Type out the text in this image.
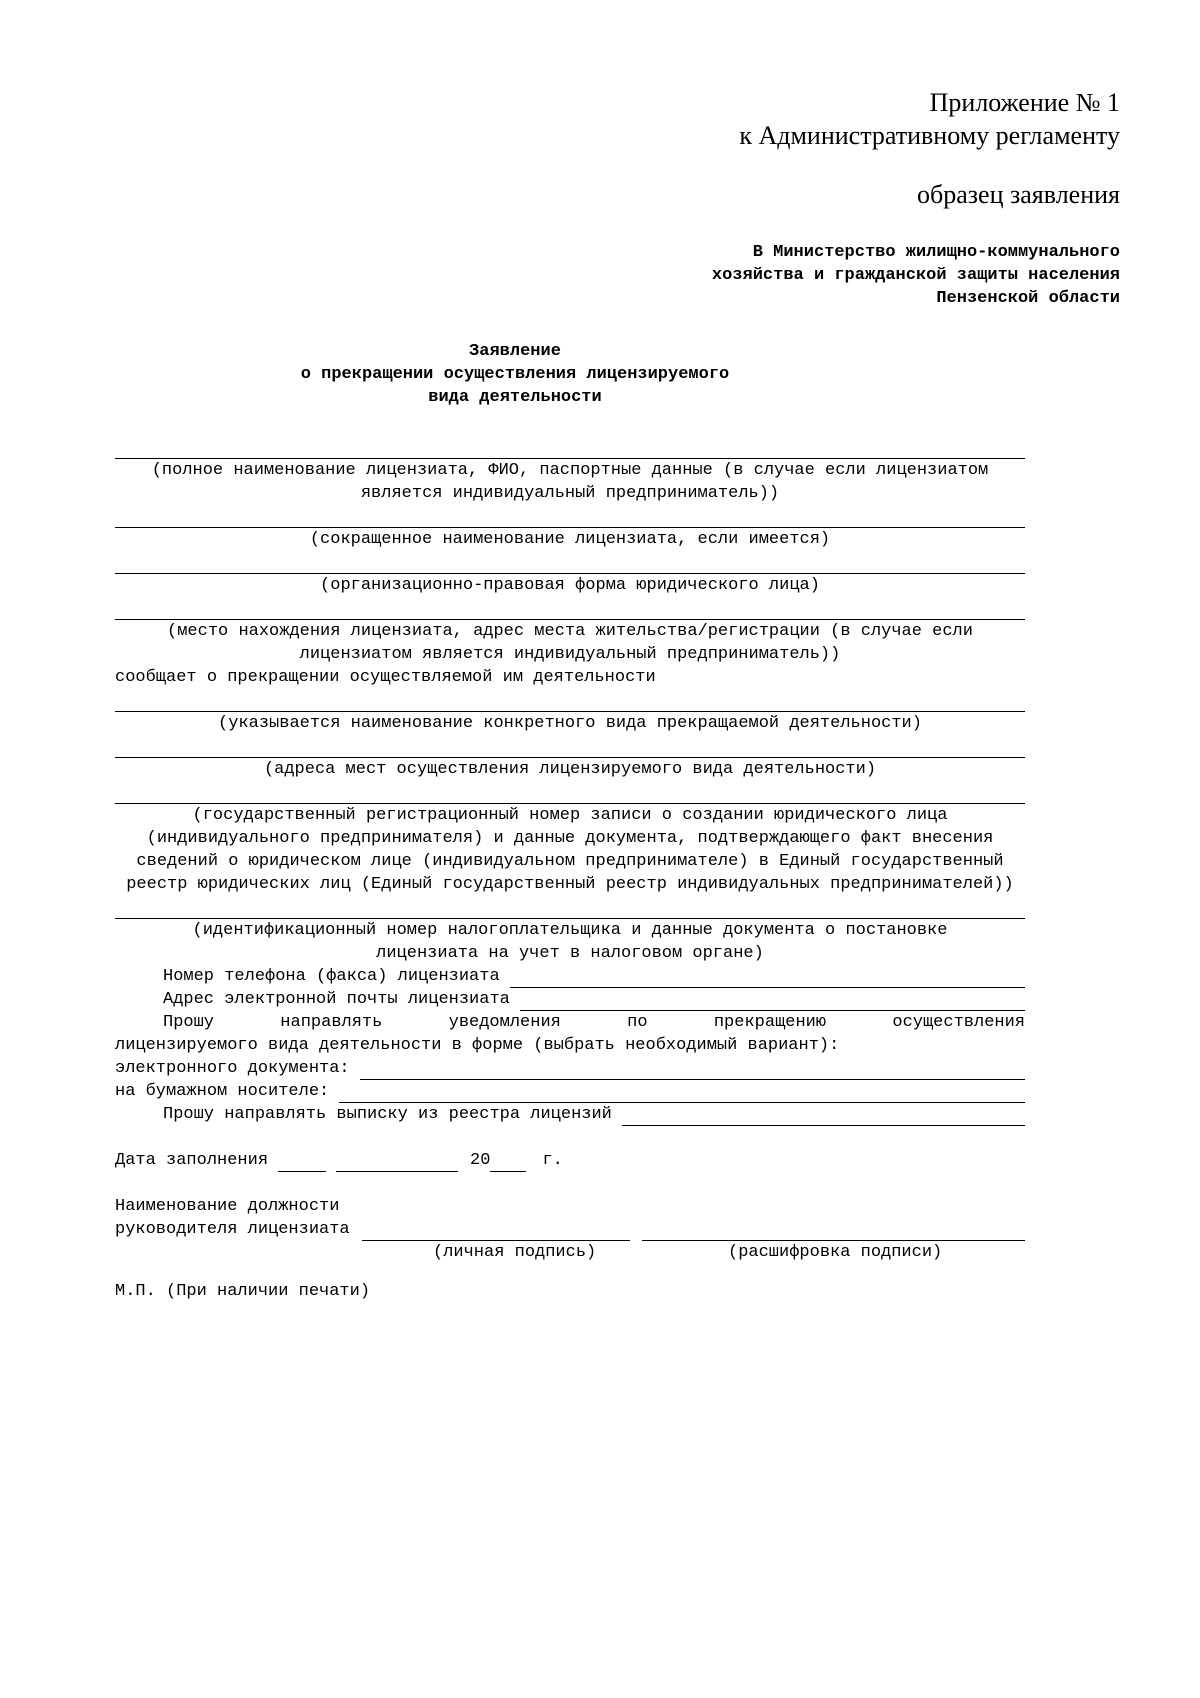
Приложение № 1
к Административному регламенту
образец заявления
В Министерство жилищно-коммунального
хозяйства и гражданской защиты населения
Пензенской области
Заявление
о прекращении осуществления лицензируемого
вида деятельности
(полное наименование лицензиата, ФИО, паспортные данные (в случае если лицензиатом является индивидуальный предприниматель))
(сокращенное наименование лицензиата, если имеется)
(организационно-правовая форма юридического лица)
(место нахождения лицензиата, адрес места жительства/регистрации (в случае если лицензиатом является индивидуальный предприниматель))
сообщает о прекращении осуществляемой им деятельности
(указывается наименование конкретного вида прекращаемой деятельности)
(адреса мест осуществления лицензируемого вида деятельности)
(государственный регистрационный номер записи о создании юридического лица (индивидуального предпринимателя) и данные документа, подтверждающего факт внесения сведений о юридическом лице (индивидуальном предпринимателе) в Единый государственный реестр юридических лиц (Единый государственный реестр индивидуальных предпринимателей))
(идентификационный номер налогоплательщика и данные документа о постановке лицензиата на учет в налоговом органе)
Номер телефона (факса) лицензиата
Адрес электронной почты лицензиата
Прошу направлять уведомления по прекращению осуществления
лицензируемого вида деятельности в форме (выбрать необходимый вариант):
электронного документа:
на бумажном носителе:
Прошу направлять выписку из реестра лицензий
Дата заполнения	20	г.
Наименование должности
руководителя лицензиата
(личная подпись)	(расшифровка подписи)
М.П. (При наличии печати)
